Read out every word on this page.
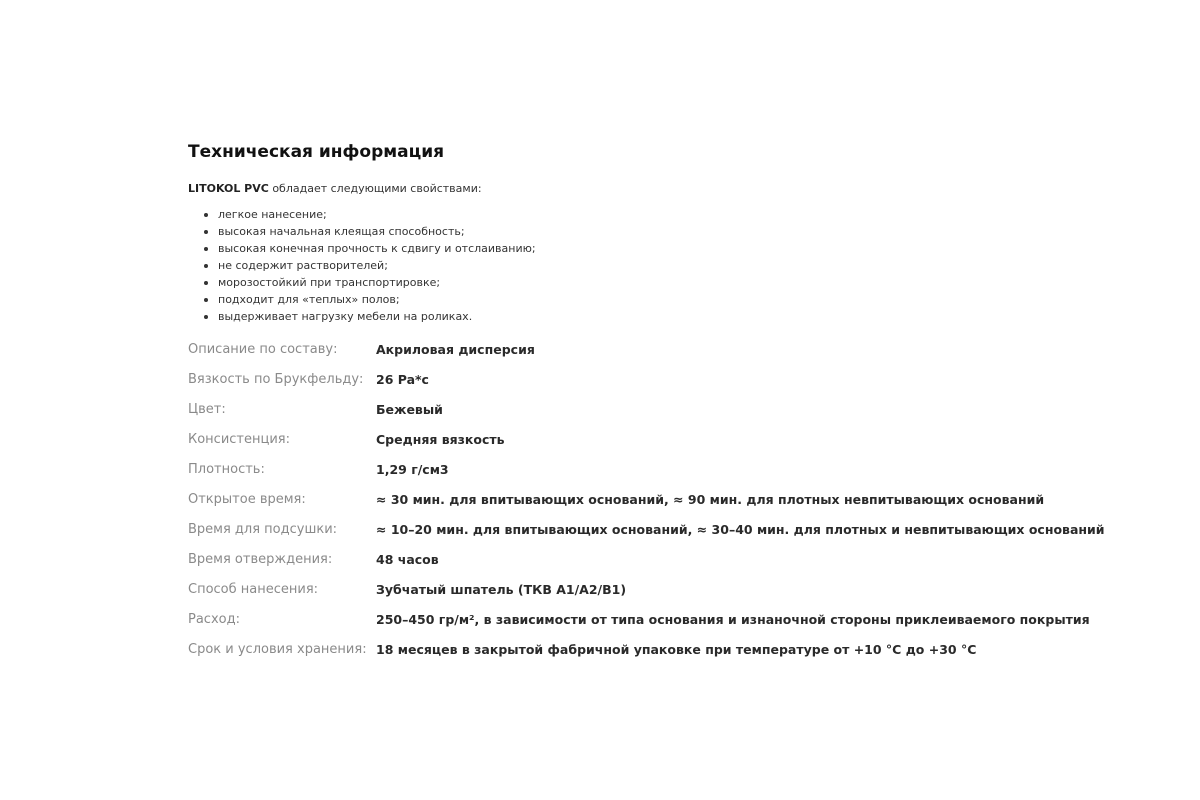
Техническая информация
LITOKOL PVC обладает следующими свойствами:
легкое нанесение;
высокая начальная клеящая способность;
высокая конечная прочность к сдвигу и отслаиванию;
не содержит растворителей;
морозостойкий при транспортировке;
подходит для «теплых» полов;
выдерживает нагрузку мебели на роликах.
Описание по составу:	Акриловая дисперсия
Вязкость по Брукфельду:	26 Pa*с
Цвет:	Бежевый
Консистенция:	Средняя вязкость
Плотность:	1,29 г/см3
Открытое время:	≈ 30 мин. для впитывающих оснований, ≈ 90 мин. для плотных невпитывающих оснований
Время для подсушки:	≈ 10–20 мин. для впитывающих оснований, ≈ 30–40 мин. для плотных и невпитывающих оснований
Время отверждения:	48 часов
Способ нанесения:	Зубчатый шпатель (ТКВ А1/А2/В1)
Расход:	250–450 гр/м², в зависимости от типа основания и изнаночной стороны приклеиваемого покрытия
Срок и условия хранения: 18 месяцев в закрытой фабричной упаковке при температуре от +10 °С до +30 °С
